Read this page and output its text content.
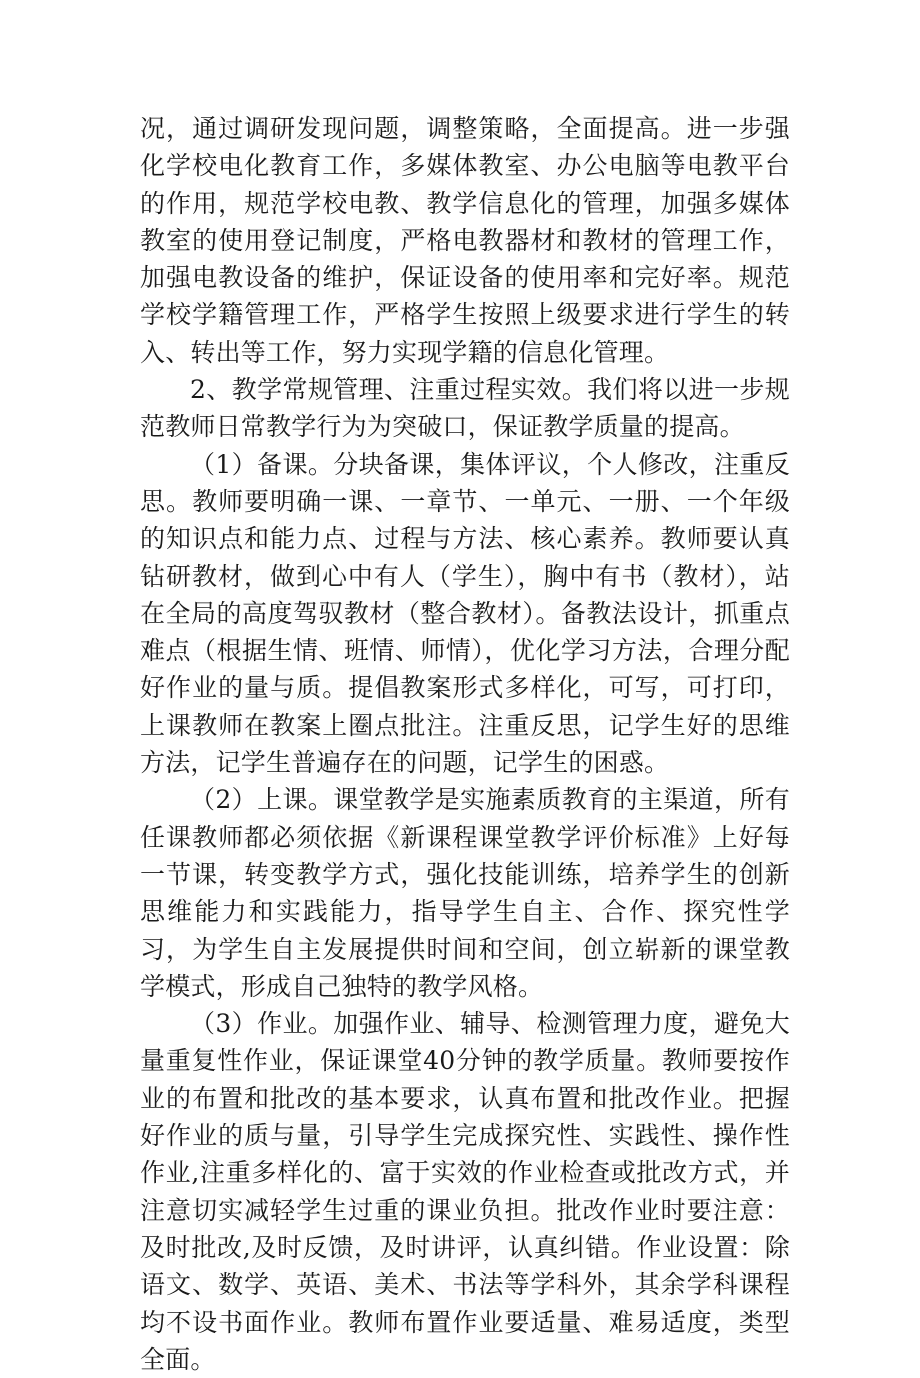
况，通过调研发现问题，调整策略，全面提高。进一步强化学校电化教育工作，多媒体教室、办公电脑等电教平台的作用，规范学校电教、教学信息化的管理，加强多媒体教室的使用登记制度，严格电教器材和教材的管理工作，加强电教设备的维护，保证设备的使用率和完好率。规范学校学籍管理工作，严格学生按照上级要求进行学生的转入、转出等工作，努力实现学籍的信息化管理。

2、教学常规管理、注重过程实效。我们将以进一步规范教师日常教学行为为突破口，保证教学质量的提高。

（1）备课。分块备课，集体评议，个人修改，注重反思。教师要明确一课、一章节、一单元、一册、一个年级的知识点和能力点、过程与方法、核心素养。教师要认真钻研教材，做到心中有人（学生），胸中有书（教材），站在全局的高度驾驭教材（整合教材）。备教法设计，抓重点难点（根据生情、班情、师情），优化学习方法，合理分配好作业的量与质。提倡教案形式多样化，可写，可打印，上课教师在教案上圈点批注。注重反思，记学生好的思维方法，记学生普遍存在的问题，记学生的困惑。

（2）上课。课堂教学是实施素质教育的主渠道，所有任课教师都必须依据《新课程课堂教学评价标准》上好每一节课，转变教学方式，强化技能训练，培养学生的创新思维能力和实践能力，指导学生自主、合作、探究性学习，为学生自主发展提供时间和空间，创立崭新的课堂教学模式，形成自己独特的教学风格。

（3）作业。加强作业、辅导、检测管理力度，避免大量重复性作业，保证课堂40分钟的教学质量。教师要按作业的布置和批改的基本要求，认真布置和批改作业。把握好作业的质与量，引导学生完成探究性、实践性、操作性作业,注重多样化的、富于实效的作业检查或批改方式，并注意切实减轻学生过重的课业负担。批改作业时要注意：及时批改,及时反馈，及时讲评，认真纠错。作业设置：除语文、数学、英语、美术、书法等学科外，其余学科课程均不设书面作业。教师布置作业要适量、难易适度，类型全面。
